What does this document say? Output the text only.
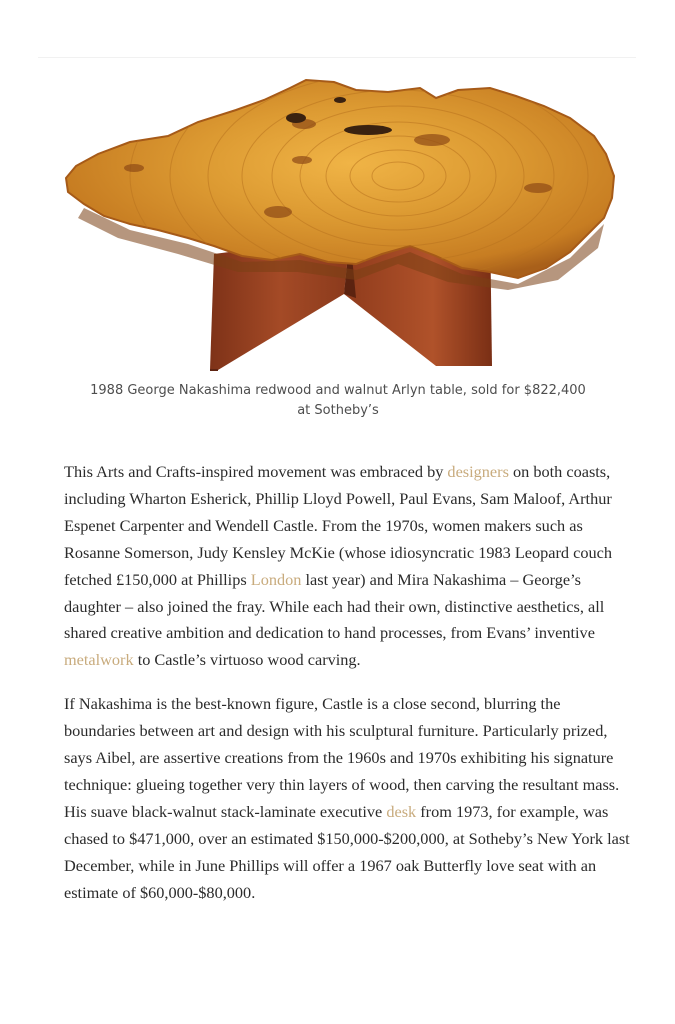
1988 George Nakashima redwood and walnut Arlyn table, sold for $822,400 at Sotheby’s

This Arts and Crafts-inspired movement was embraced by designers on both coasts, including Wharton Esherick, Phillip Lloyd Powell, Paul Evans, Sam Maloof, Arthur Espenet Carpenter and Wendell Castle. From the 1970s, women makers such as Rosanne Somerson, Judy Kensley McKie (whose idiosyncratic 1983 Leopard couch fetched £150,000 at Phillips London last year) and Mira Nakashima – George’s daughter – also joined the fray. While each had their own, distinctive aesthetics, all shared creative ambition and dedication to hand processes, from Evans’ inventive metalwork to Castle’s virtuoso wood carving.

If Nakashima is the best-known figure, Castle is a close second, blurring the boundaries between art and design with his sculptural furniture. Particularly prized, says Aibel, are assertive creations from the 1960s and 1970s exhibiting his signature technique: glueing together very thin layers of wood, then carving the resultant mass. His suave black-walnut stack-laminate executive desk from 1973, for example, was chased to $471,000, over an estimated $150,000-$200,000, at Sotheby’s New York last December, while in June Phillips will offer a 1967 oak Butterfly love seat with an estimate of $60,000-$80,000.
